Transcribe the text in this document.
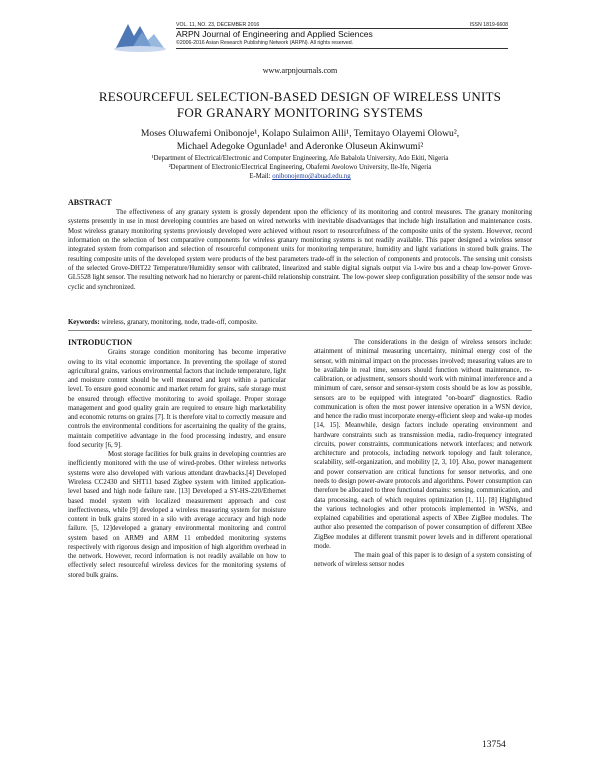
VOL. 11, NO. 23, DECEMBER 2016	ISSN 1819-6608
ARPN Journal of Engineering and Applied Sciences
©2006-2016 Asian Research Publishing Network (ARPN). All rights reserved.
www.arpnjournals.com
RESOURCEFUL SELECTION-BASED DESIGN OF WIRELESS UNITS
FOR GRANARY MONITORING SYSTEMS
Moses Oluwafemi Onibonoje¹, Kolapo Sulaimon Alli¹, Temitayo Olayemi Olowu²,
Michael Adegoke Ogunlade¹ and Aderonke Oluseun Akinwumi²
¹Department of Electrical/Electronic and Computer Engineering, Afe Babalola University, Ado Ekiti, Nigeria
²Department of Electronic/Electrical Engineering, Obafemi Awolowo University, Ile-Ife, Nigeria
E-Mail: onibonojemo@abuad.edu.ng
ABSTRACT
The effectiveness of any granary system is grossly dependent upon the efficiency of its monitoring and control measures. The granary monitoring systems presently in use in most developing countries are based on wired networks with inevitable disadvantages that include high installation and maintenance costs. Most wireless granary monitoring systems previously developed were achieved without resort to resourcefulness of the composite units of the system. However, record information on the selection of best comparative components for wireless granary monitoring systems is not readily available. This paper designed a wireless sensor integrated system from comparison and selection of resourceful component units for monitoring temperature, humidity and light variations in stored bulk grains. The resulting composite units of the developed system were products of the best parameters trade-off in the selection of components and protocols. The sensing unit consists of the selected Grove-DHT22 Temperature/Humidity sensor with calibrated, linearized and stable digital signals output via 1-wire bus and a cheap low-power Grove-GL5528 light sensor. The resulting network had no hierarchy or parent-child relationship constraint. The low-power sleep configuration possibility of the sensor node was cyclic and synchronized.
Keywords: wireless, granary, monitoring, node, trade-off, composite.
INTRODUCTION

Grains storage condition monitoring has become imperative owing to its vital economic importance. In preventing the spoilage of stored agricultural grains, various environmental factors that include temperature, light and moisture content should be well measured and kept within a particular level. To ensure good economic and market return for grains, safe storage must be ensured through effective monitoring to avoid spoilage. Proper storage management and good quality grain are required to ensure high marketability and economic returns on grains [7]. It is therefore vital to correctly measure and controls the environmental conditions for ascertaining the quality of the grains, maintain competitive advantage in the food processing industry, and ensure food security [6, 9].

Most storage facilities for bulk grains in developing countries are inefficiently monitored with the use of wired-probes. Other wireless networks systems were also developed with various attendant drawbacks.[4] Developed Wireless CC2430 and SHT11 based Zigbee system with limited application-level based and high node failure rate. [13] Developed a SY-HS-220/Ethernet based model system with localized measurement approach and cost ineffectiveness, while [9] developed a wireless measuring system for moisture content in bulk grains stored in a silo with average accuracy and high node failure. [5, 12]developed a granary environmental monitoring and control system based on ARM9 and ARM 11 embedded monitoring systems respectively with rigorous design and imposition of high algorithm overhead in the network. However, record information is not readily available on how to effectively select resourceful wireless devices for the monitoring systems of stored bulk grains.

The considerations in the design of wireless sensors include: attainment of minimal measuring uncertainty, minimal energy cost of the sensor, with minimal impact on the processes involved; measuring values are to be available in real time, sensors should function without maintenance, re-calibration, or adjustment, sensors should work with minimal interference and a minimum of care, sensor and sensor-system costs should be as low as possible, sensors are to be equipped with integrated "on-board" diagnostics. Radio communication is often the most power intensive operation in a WSN device, and hence the radio must incorporate energy-efficient sleep and wake-up modes [14, 15]. Meanwhile, design factors include operating environment and hardware constraints such as transmission media, radio-frequency integrated circuits, power constraints, communications network interfaces; and network architecture and protocols, including network topology and fault tolerance, scalability, self-organization, and mobility [2, 3, 10]. Also, power management and power conservation are critical functions for sensor networks, and one needs to design power-aware protocols and algorithms. Power consumption can therefore be allocated to three functional domains: sensing, communication, and data processing, each of which requires optimization [1, 11]. [8] Highlighted the various technologies and other protocols implemented in WSNs, and explained capabilities and operational aspects of XBee ZigBee modules. The author also presented the comparison of power consumption of different XBee ZigBee modules at different transmit power levels and in different operational mode.

The main goal of this paper is to design of a system consisting of network of wireless sensor nodes

13754
